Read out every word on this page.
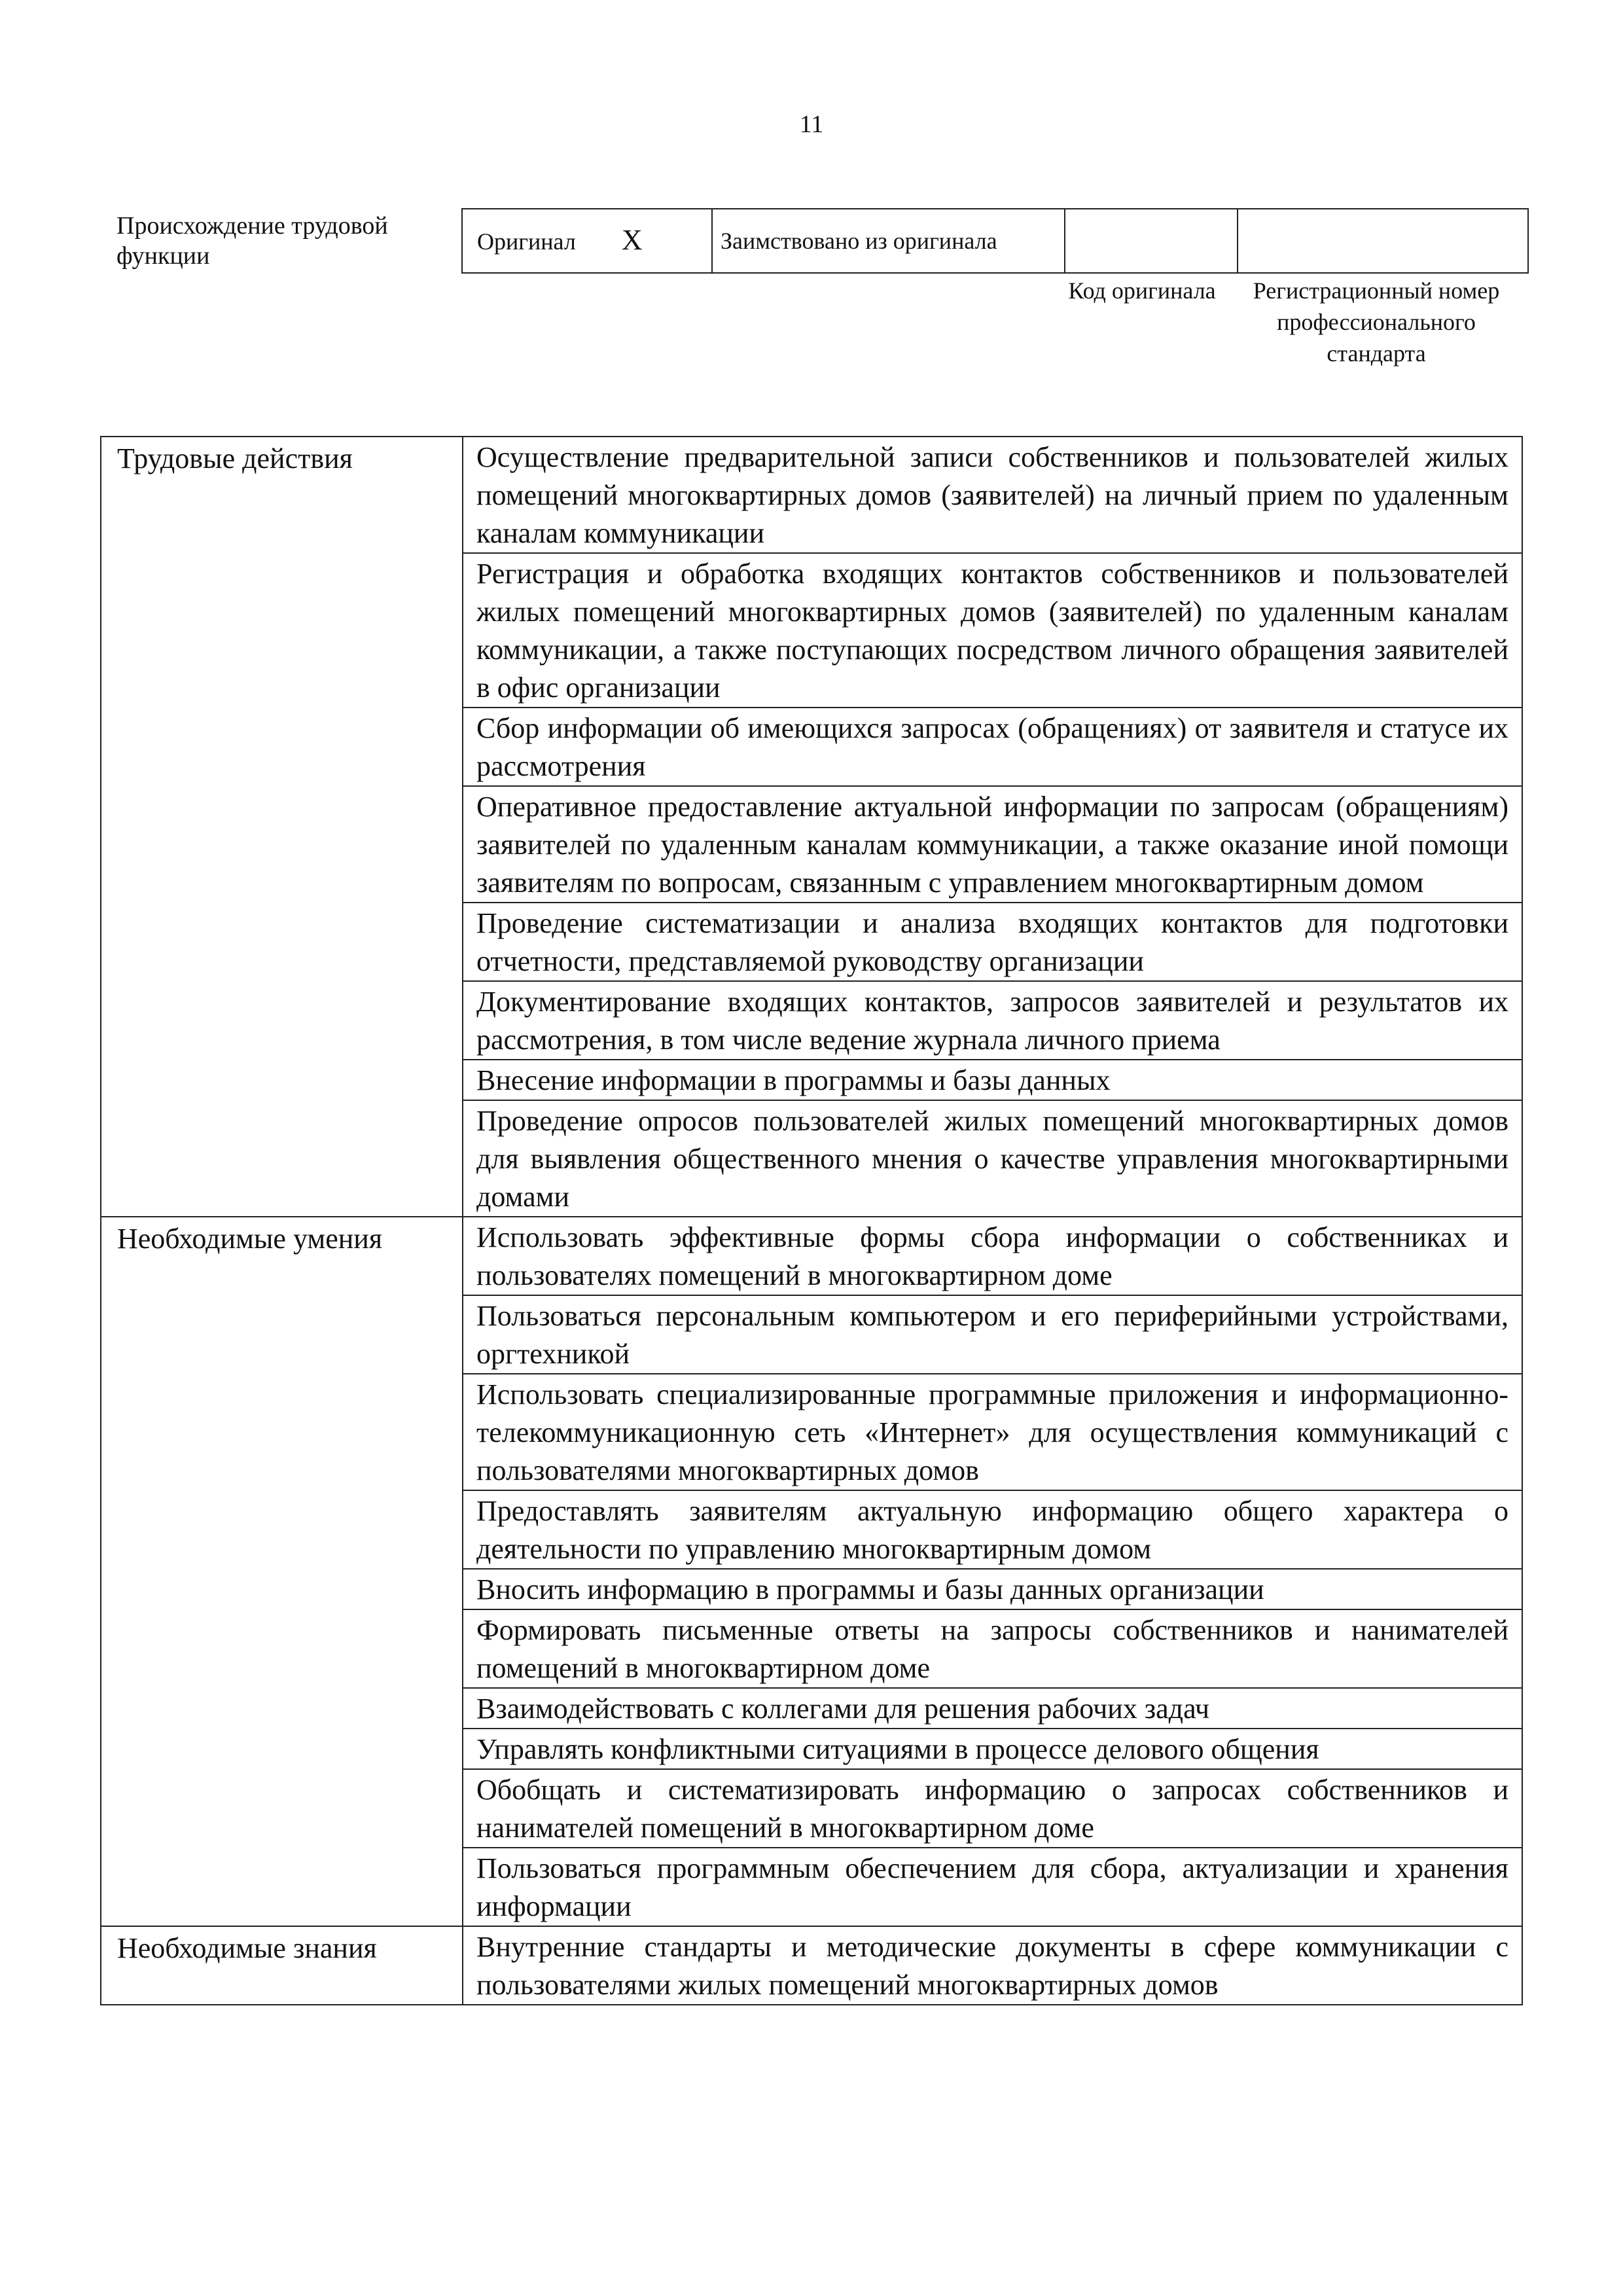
11
Происхождение трудовой функции
Оригинал X	Заимствовано из оригинала		
Код оригинала	Регистрационный номер профессионального стандарта
Трудовые действия	Осуществление предварительной записи собственников и пользователей жилых помещений многоквартирных домов (заявителей) на личный прием по удаленным каналам коммуникации
	Регистрация и обработка входящих контактов собственников и пользователей жилых помещений многоквартирных домов (заявителей) по удаленным каналам коммуникации, а также поступающих посредством личного обращения заявителей в офис организации
	Сбор информации об имеющихся запросах (обращениях) от заявителя и статусе их рассмотрения
	Оперативное предоставление актуальной информации по запросам (обращениям) заявителей по удаленным каналам коммуникации, а также оказание иной помощи заявителям по вопросам, связанным с управлением многоквартирным домом
	Проведение систематизации и анализа входящих контактов для подготовки отчетности, представляемой руководству организации
	Документирование входящих контактов, запросов заявителей и результатов их рассмотрения, в том числе ведение журнала личного приема
	Внесение информации в программы и базы данных
	Проведение опросов пользователей жилых помещений многоквартирных домов для выявления общественного мнения о качестве управления многоквартирными домами
Необходимые умения	Использовать эффективные формы сбора информации о собственниках и пользователях помещений в многоквартирном доме
	Пользоваться персональным компьютером и его периферийными устройствами, оргтехникой
	Использовать специализированные программные приложения и информационно-телекоммуникационную сеть «Интернет» для осуществления коммуникаций с пользователями многоквартирных домов
	Предоставлять заявителям актуальную информацию общего характера о деятельности по управлению многоквартирным домом
	Вносить информацию в программы и базы данных организации
	Формировать письменные ответы на запросы собственников и нанимателей помещений в многоквартирном доме
	Взаимодействовать с коллегами для решения рабочих задач
	Управлять конфликтными ситуациями в процессе делового общения
	Обобщать и систематизировать информацию о запросах собственников и нанимателей помещений в многоквартирном доме
	Пользоваться программным обеспечением для сбора, актуализации и хранения информации
Необходимые знания	Внутренние стандарты и методические документы в сфере коммуникации с пользователями жилых помещений многоквартирных домов
